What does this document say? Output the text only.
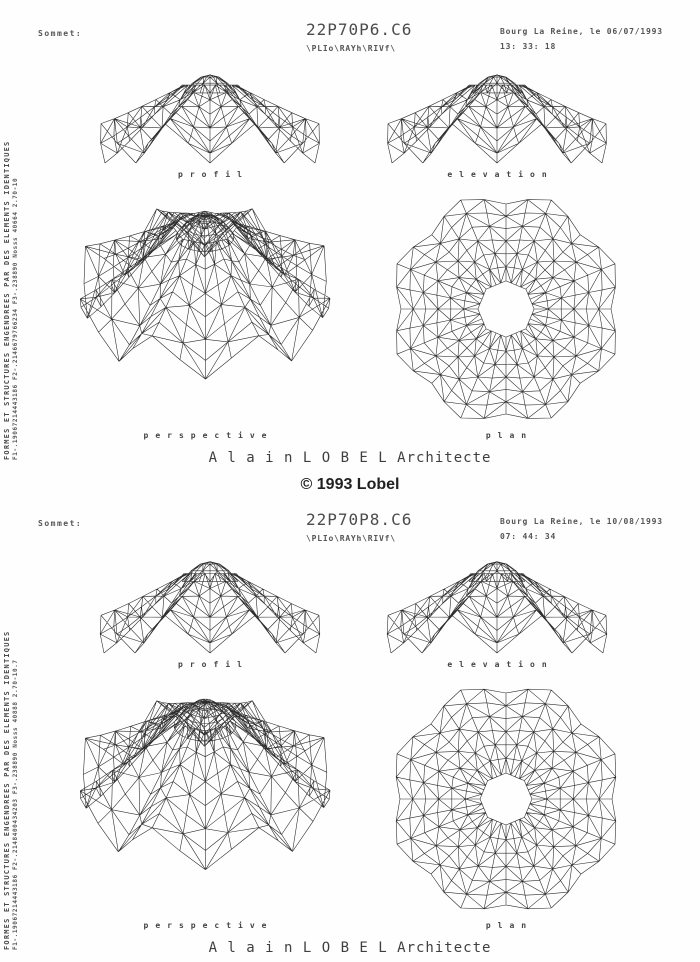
FORMES ET STRUCTURES ENGENDREES PAR DES ELEMENTS IDENTIQUES F1-.19067214443186 F2-.2146679766234 F3-.238890 Nosss 40664 2.70-10
Sommet:	22P70P6.C6
\PLIo\RAYh\RIVf\
Bourg La Reine, le 06/07/1993
13: 33: 18
profil	elevation
perspective	plan
A l a i n L O B E L Architecte
© 1993 Lobel
FORMES ET STRUCTURES ENGENDREES PAR DES ELEMENTS IDENTIQUES F1-.19067214443186 F2-.2148400434203 F3-.238890 Nosss 40888 2.70-10.7
Sommet:	22P70P8.C6
\PLIo\RAYh\RIVf\
Bourg La Reine, le 10/08/1993
07: 44: 34
profil	elevation
perspective	plan
A l a i n L O B E L Architecte
